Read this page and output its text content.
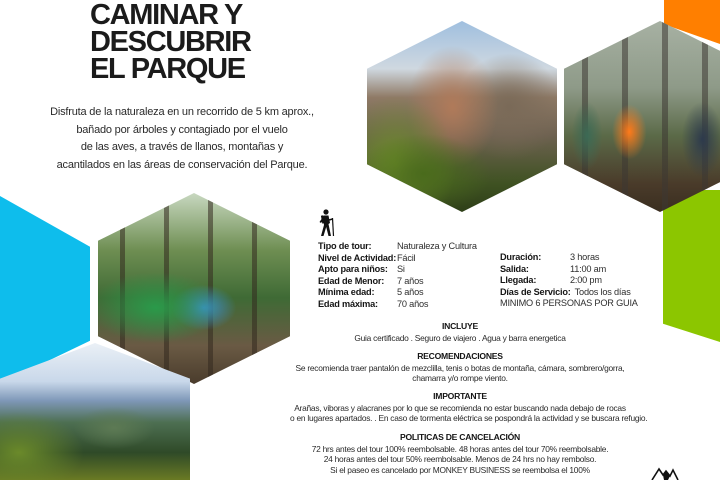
CAMINAR Y
DESCUBRIR
EL PARQUE
Disfruta de la naturaleza en un recorrido de 5 km aprox.,
bañado por árboles y contagiado por el vuelo
de las aves, a través de llanos, montañas y
acantilados en las áreas de conservación del Parque.
Tipo de tour:	Naturaleza y Cultura
Nivel de Actividad: Fácil
Apto para niños:	Si
Edad de Menor:	7 años
Mínima edad:	5 años
Edad máxima:	70 años
Duración:	3 horas
Salida:	11:00 am
Llegada:	2:00 pm
Días de Servicio: Todos los días
MINIMO 6 PERSONAS POR GUIA
INCLUYE
Guia certificado . Seguro de viajero . Agua y barra energetica
RECOMENDACIONES
Se recomienda traer pantalón de mezclilla, tenis o botas de montaña, cámara, sombrero/gorra,
chamarra y/o rompe viento.
IMPORTANTE
Arañas, viboras y alacranes por lo que se recomienda no estar buscando nada debajo de rocas
o en lugares apartados. . En caso de tormenta eléctrica se pospondrá la actividad y se buscara refugio.
POLITICAS DE CANCELACIÓN
72 hrs antes del tour 100% reembolsable. 48 horas antes del tour 70% reembolsable.
24 horas antes del tour 50% reembolsable. Menos de 24 hrs no hay rembolso.
Si el paseo es cancelado por MONKEY BUSINESS se reembolsa el 100%
